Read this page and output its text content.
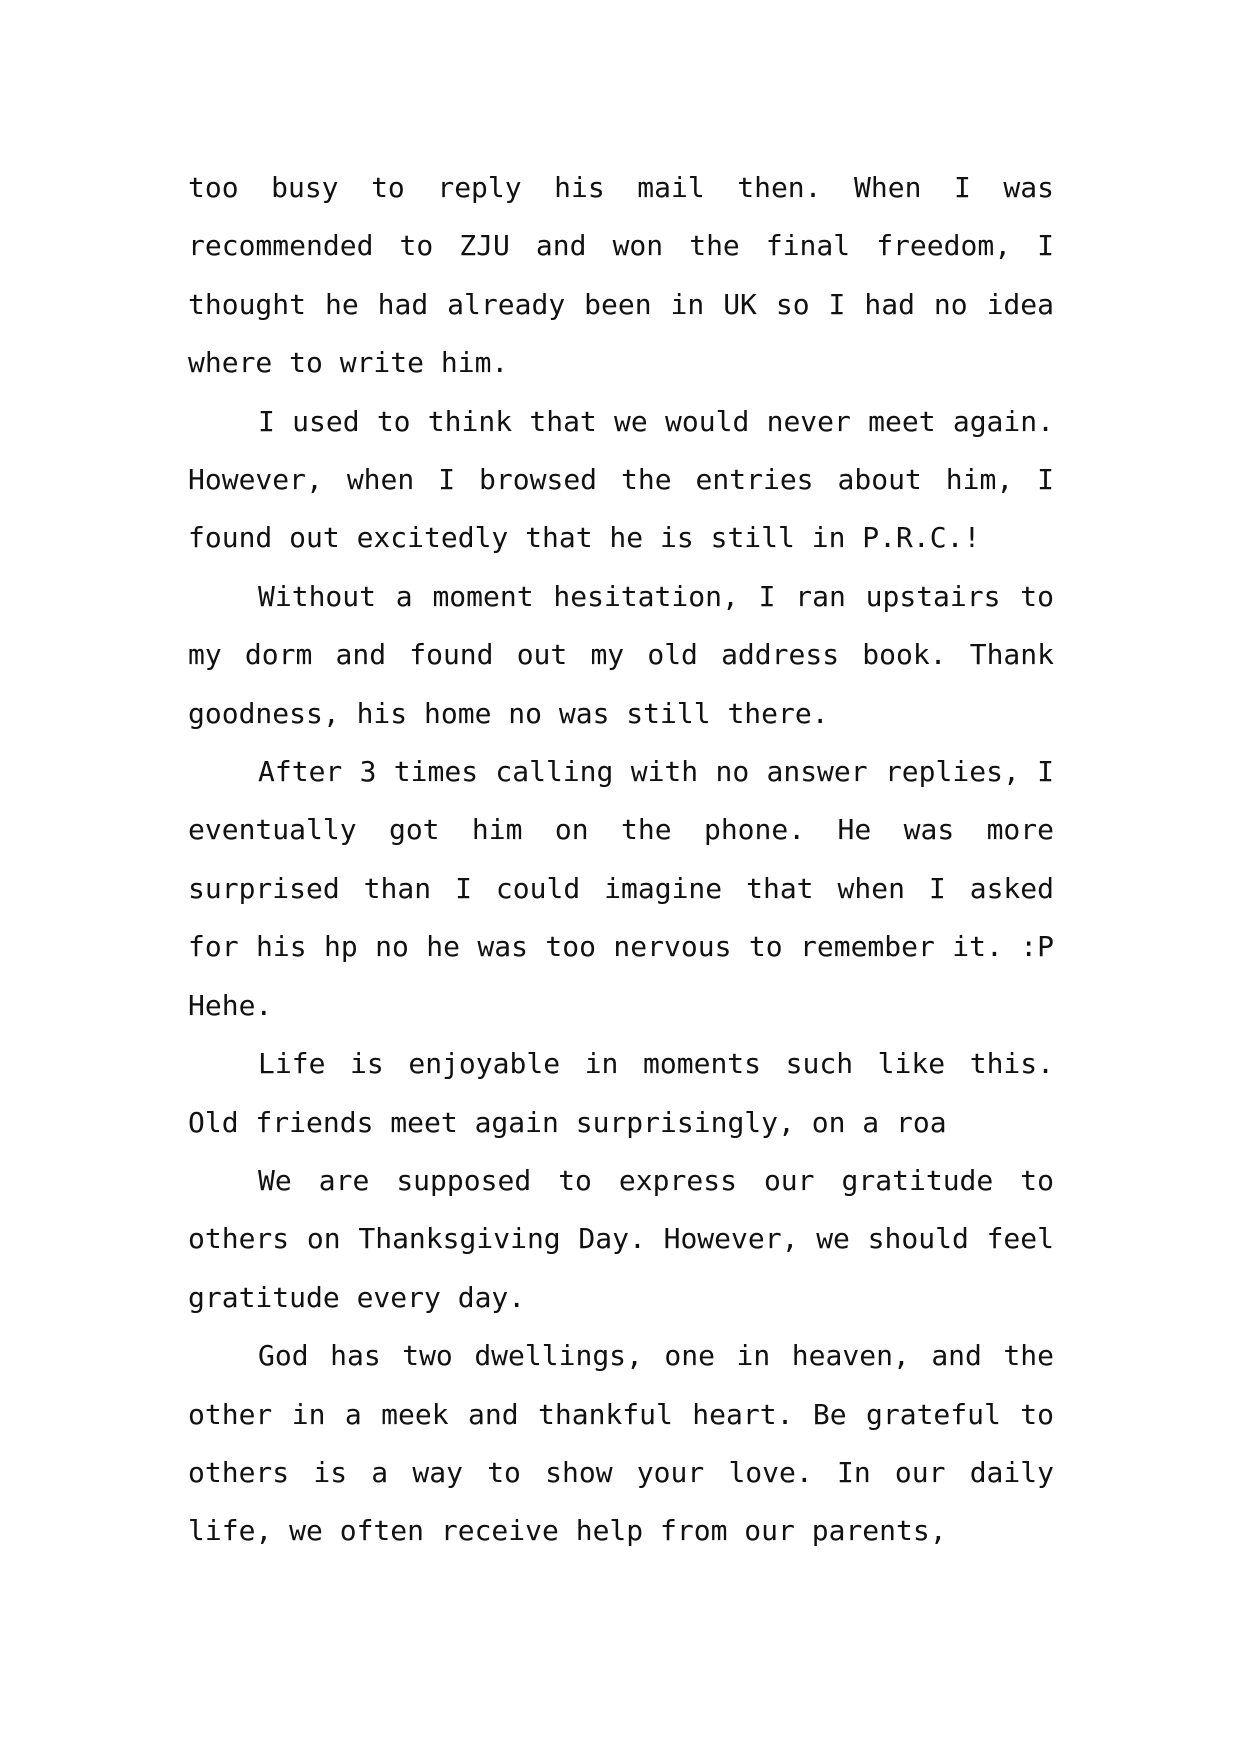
too busy to reply his mail then. When I was recommended to ZJU and won the final freedom, I thought he had already been in UK so I had no idea where to write him.

I used to think that we would never meet again. However, when I browsed the entries about him, I found out excitedly that he is still in P.R.C.!

Without a moment hesitation, I ran upstairs to my dorm and found out my old address book. Thank goodness, his home no was still there.

After 3 times calling with no answer replies, I eventually got him on the phone. He was more surprised than I could imagine that when I asked for his hp no he was too nervous to remember it. :P Hehe.

Life is enjoyable in moments such like this. Old friends meet again surprisingly, on a roa

We are supposed to express our gratitude to others on Thanksgiving Day. However, we should feel gratitude every day.

God has two dwellings, one in heaven, and the other in a meek and thankful heart. Be grateful to others is a way to show your love. In our daily life, we often receive help from our parents,
